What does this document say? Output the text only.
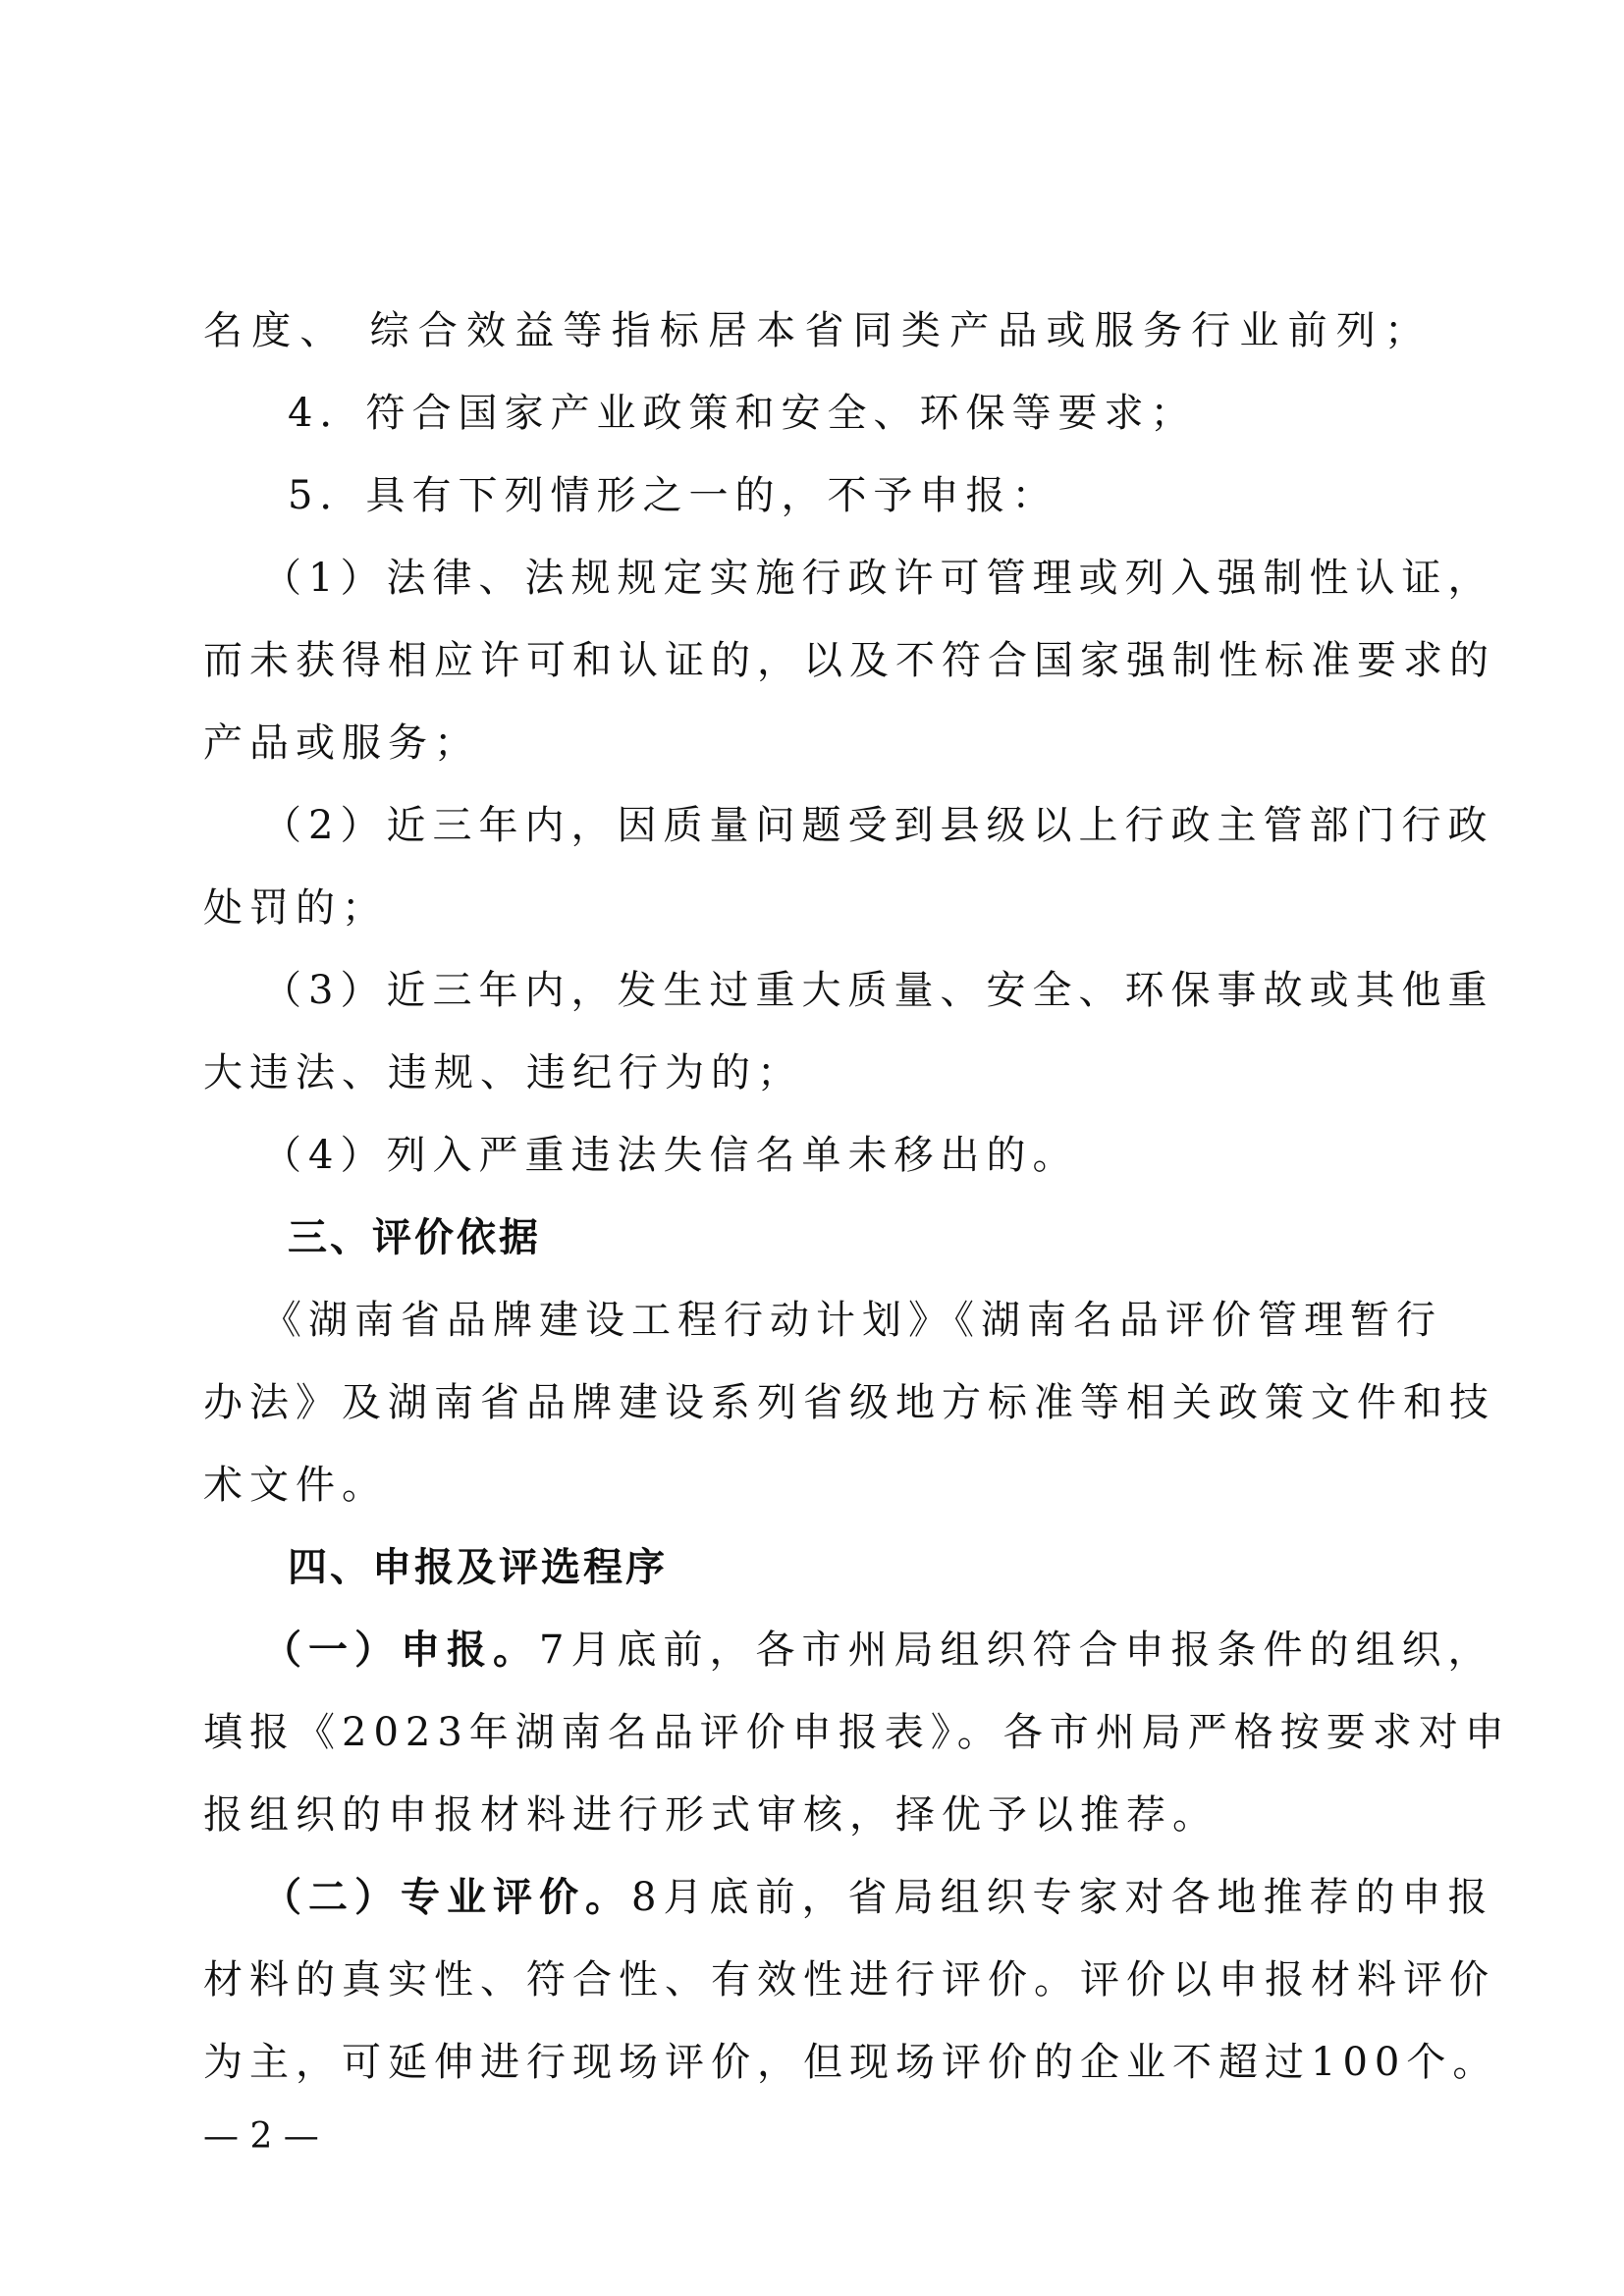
名度、 综合效益等指标居本省同类产品或服务行业前列；
4．符合国家产业政策和安全、环保等要求；
5．具有下列情形之一的，不予申报：
（1）法律、法规规定实施行政许可管理或列入强制性认证，
而未获得相应许可和认证的，以及不符合国家强制性标准要求的
产品或服务；
（2）近三年内，因质量问题受到县级以上行政主管部门行政
处罚的；
（3）近三年内，发生过重大质量、安全、环保事故或其他重
大违法、违规、违纪行为的；
（4）列入严重违法失信名单未移出的。
三、评价依据
《湖南省品牌建设工程行动计划》《湖南名品评价管理暂行
办法》及湖南省品牌建设系列省级地方标准等相关政策文件和技
术文件。
四、申报及评选程序
（一）申报。7月底前，各市州局组织符合申报条件的组织，
填报《2023年湖南名品评价申报表》。各市州局严格按要求对申
报组织的申报材料进行形式审核，择优予以推荐。
（二）专业评价。8月底前，省局组织专家对各地推荐的申报
材料的真实性、符合性、有效性进行评价。评价以申报材料评价
为主，可延伸进行现场评价，但现场评价的企业不超过100个。
— 2 —
